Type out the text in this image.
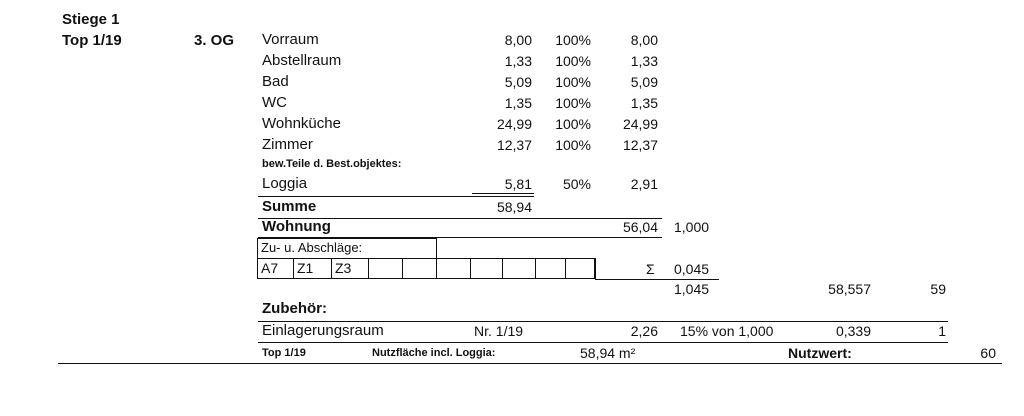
Stiege 1
Top 1/19	3. OG Vorraum	8,00	100%	8,00
Abstellraum	1,33	100%	1,33
Bad	5,09	100%	5,09
WC	1,35	100%	1,35
Wohnküche	24,99	100%	24,99
Zimmer	12,37	100%	12,37
bew.Teile d. Best.objektes:
Loggia	5,81	50%	2,91
Summe	58,94
Wohnung	56,04 1,000
Zu- u. Abschläge:
A7 Z1 Z3	Σ 0,045
1,045	58,557	59
Zubehör:
Einlagerungsraum	Nr. 1/19	2,26 15% von 1,000	0,339	1
Top 1/19	Nutzfläche incl. Loggia:	58,94 m²	Nutzwert:	60
